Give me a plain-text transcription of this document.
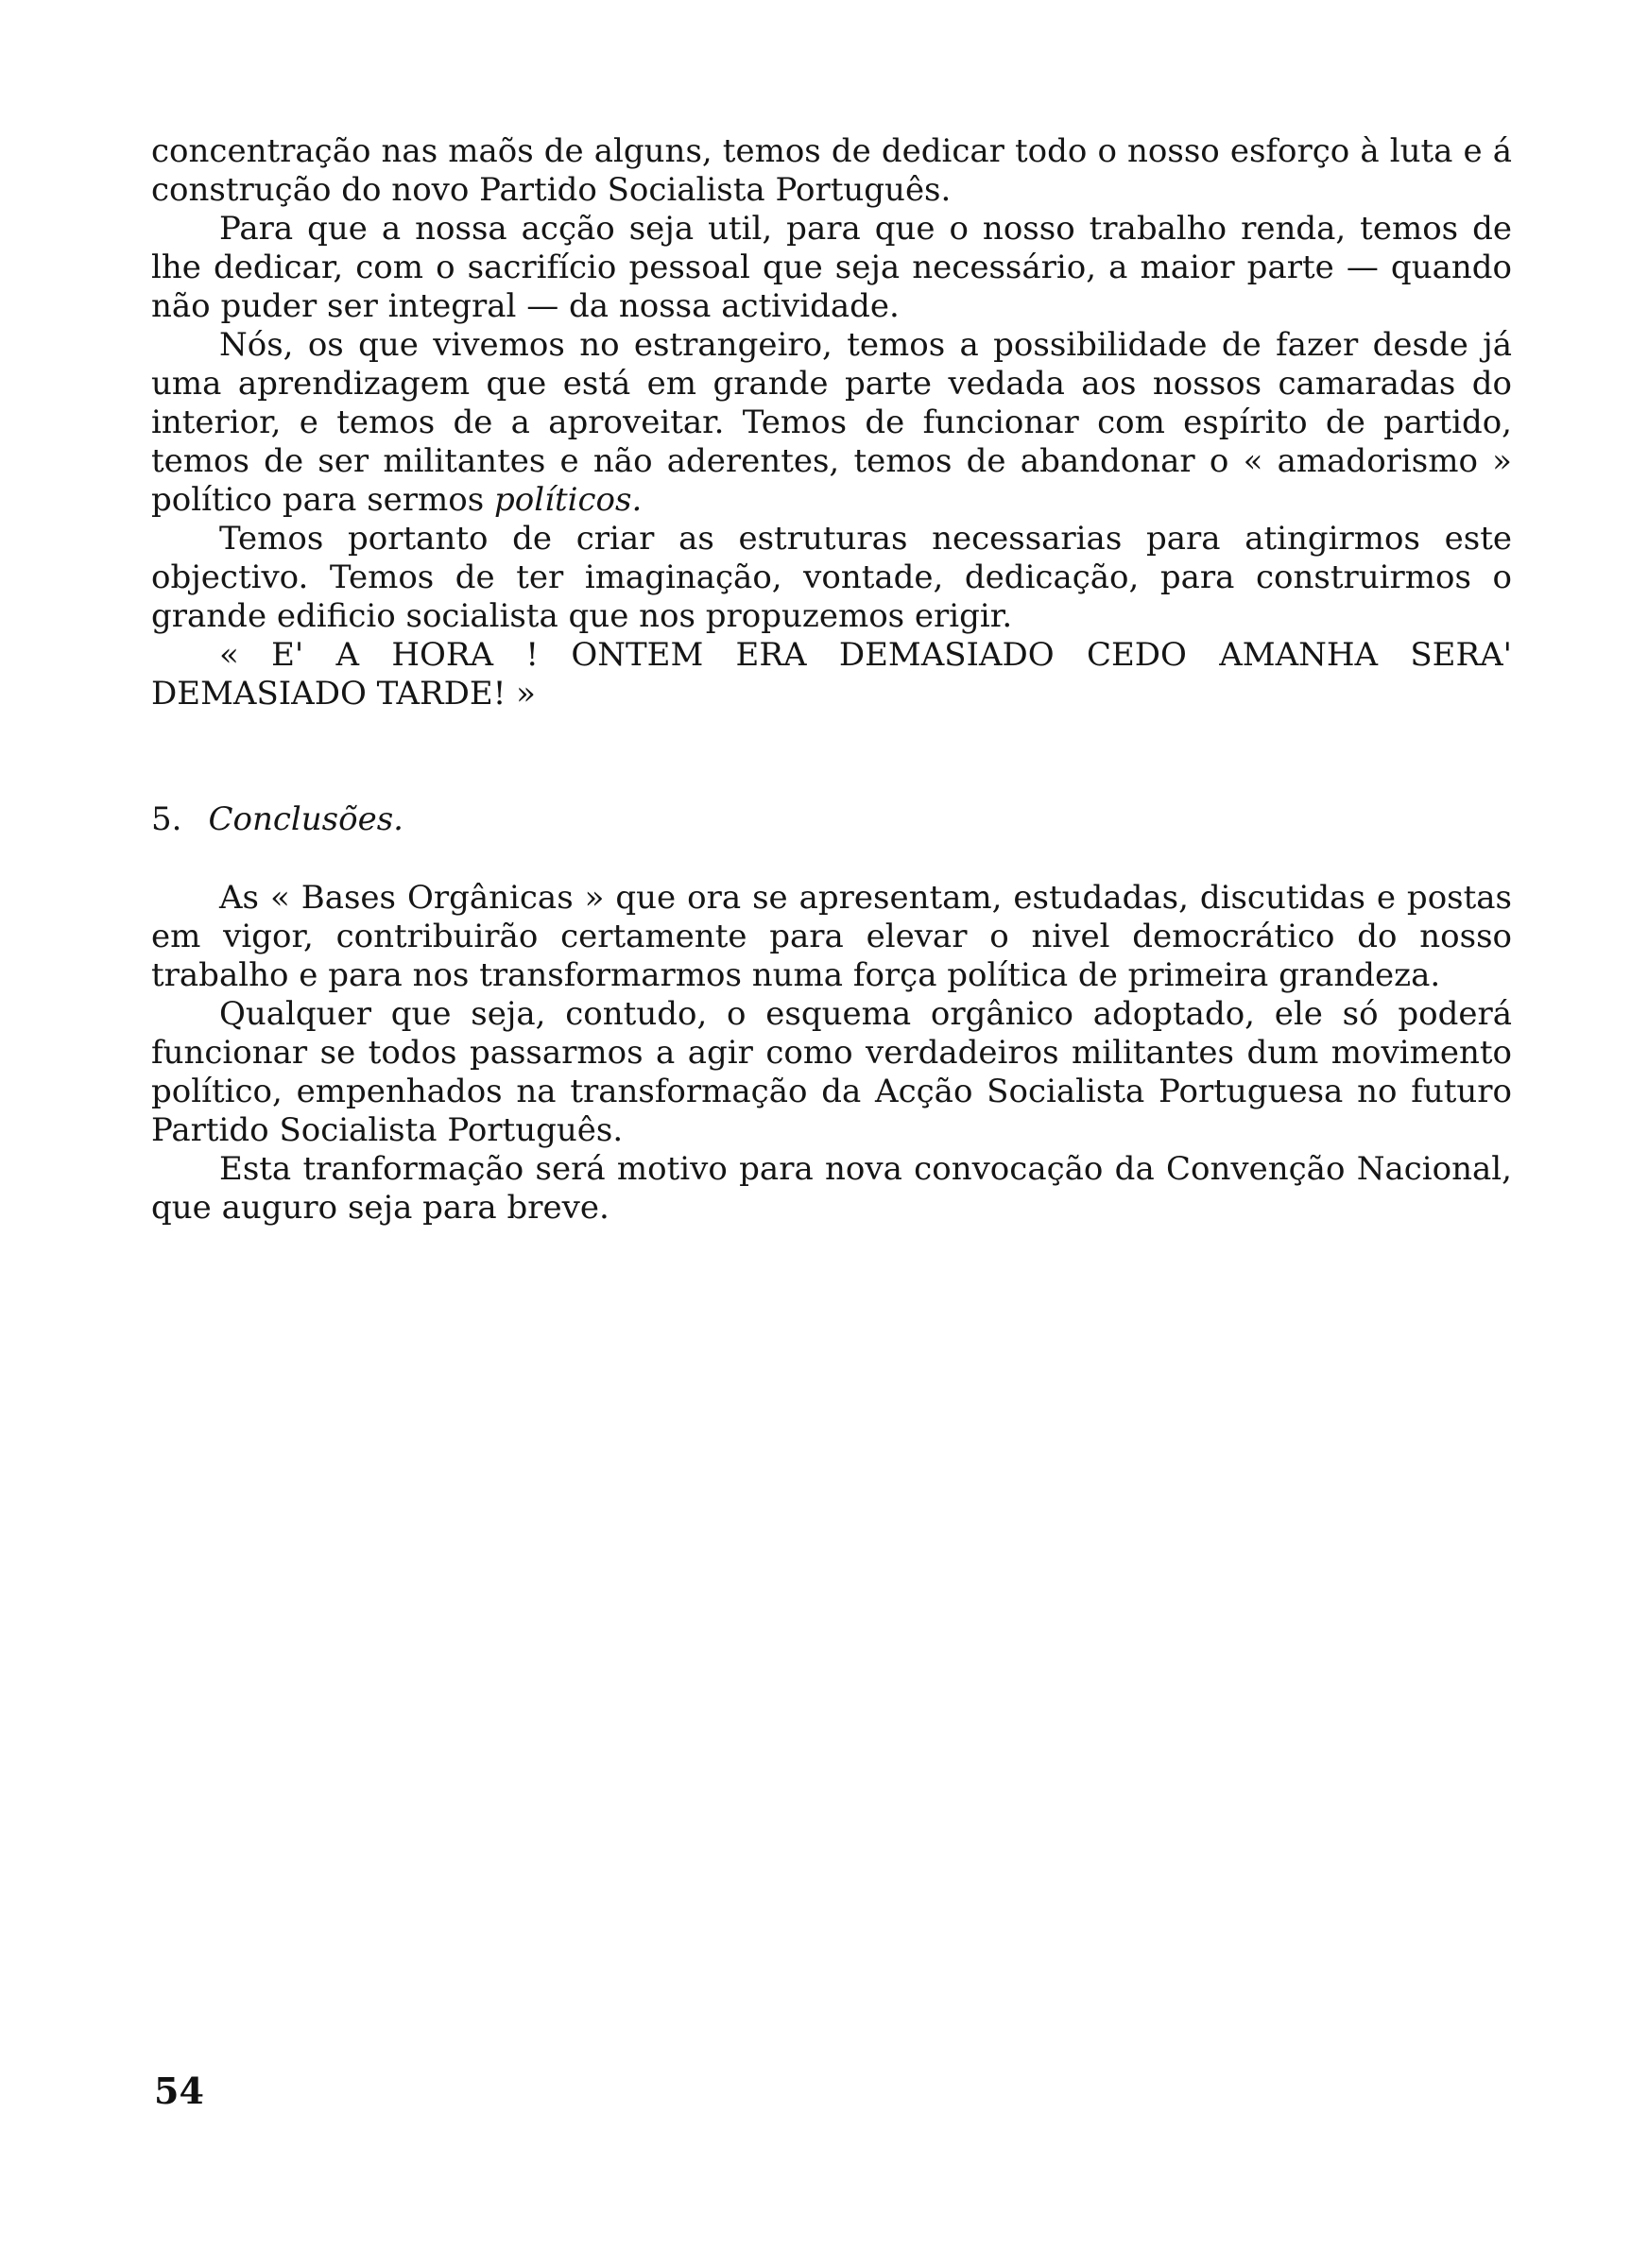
concentração nas maõs de alguns, temos de dedicar todo o nosso esforço à luta e á construção do novo Partido Socialista Português.

Para que a nossa acção seja util, para que o nosso trabalho renda, temos de lhe dedicar, com o sacrifício pessoal que seja necessário, a maior parte — quando não puder ser integral — da nossa actividade.

Nós, os que vivemos no estrangeiro, temos a possibilidade de fazer desde já uma aprendizagem que está em grande parte vedada aos nossos camaradas do interior, e temos de a aproveitar. Temos de funcionar com espírito de partido, temos de ser militantes e não aderentes, temos de abandonar o « amadorismo » político para sermos políticos.

Temos portanto de criar as estruturas necessarias para atingirmos este objectivo. Temos de ter imaginação, vontade, dedicação, para construirmos o grande edificio socialista que nos propuzemos erigir.

« E' A HORA ! ONTEM ERA DEMASIADO CEDO AMANHA SERA' DEMASIADO TARDE! »

5. Conclusões.

As « Bases Orgânicas » que ora se apresentam, estudadas, discutidas e postas em vigor, contribuirão certamente para elevar o nivel democrático do nosso trabalho e para nos transformarmos numa força política de primeira grandeza.

Qualquer que seja, contudo, o esquema orgânico adoptado, ele só poderá funcionar se todos passarmos a agir como verdadeiros militantes dum movimento político, empenhados na transformação da Acção Socialista Portuguesa no futuro Partido Socialista Português.

Esta tranformação será motivo para nova convocação da Convenção Nacional, que auguro seja para breve.

54
